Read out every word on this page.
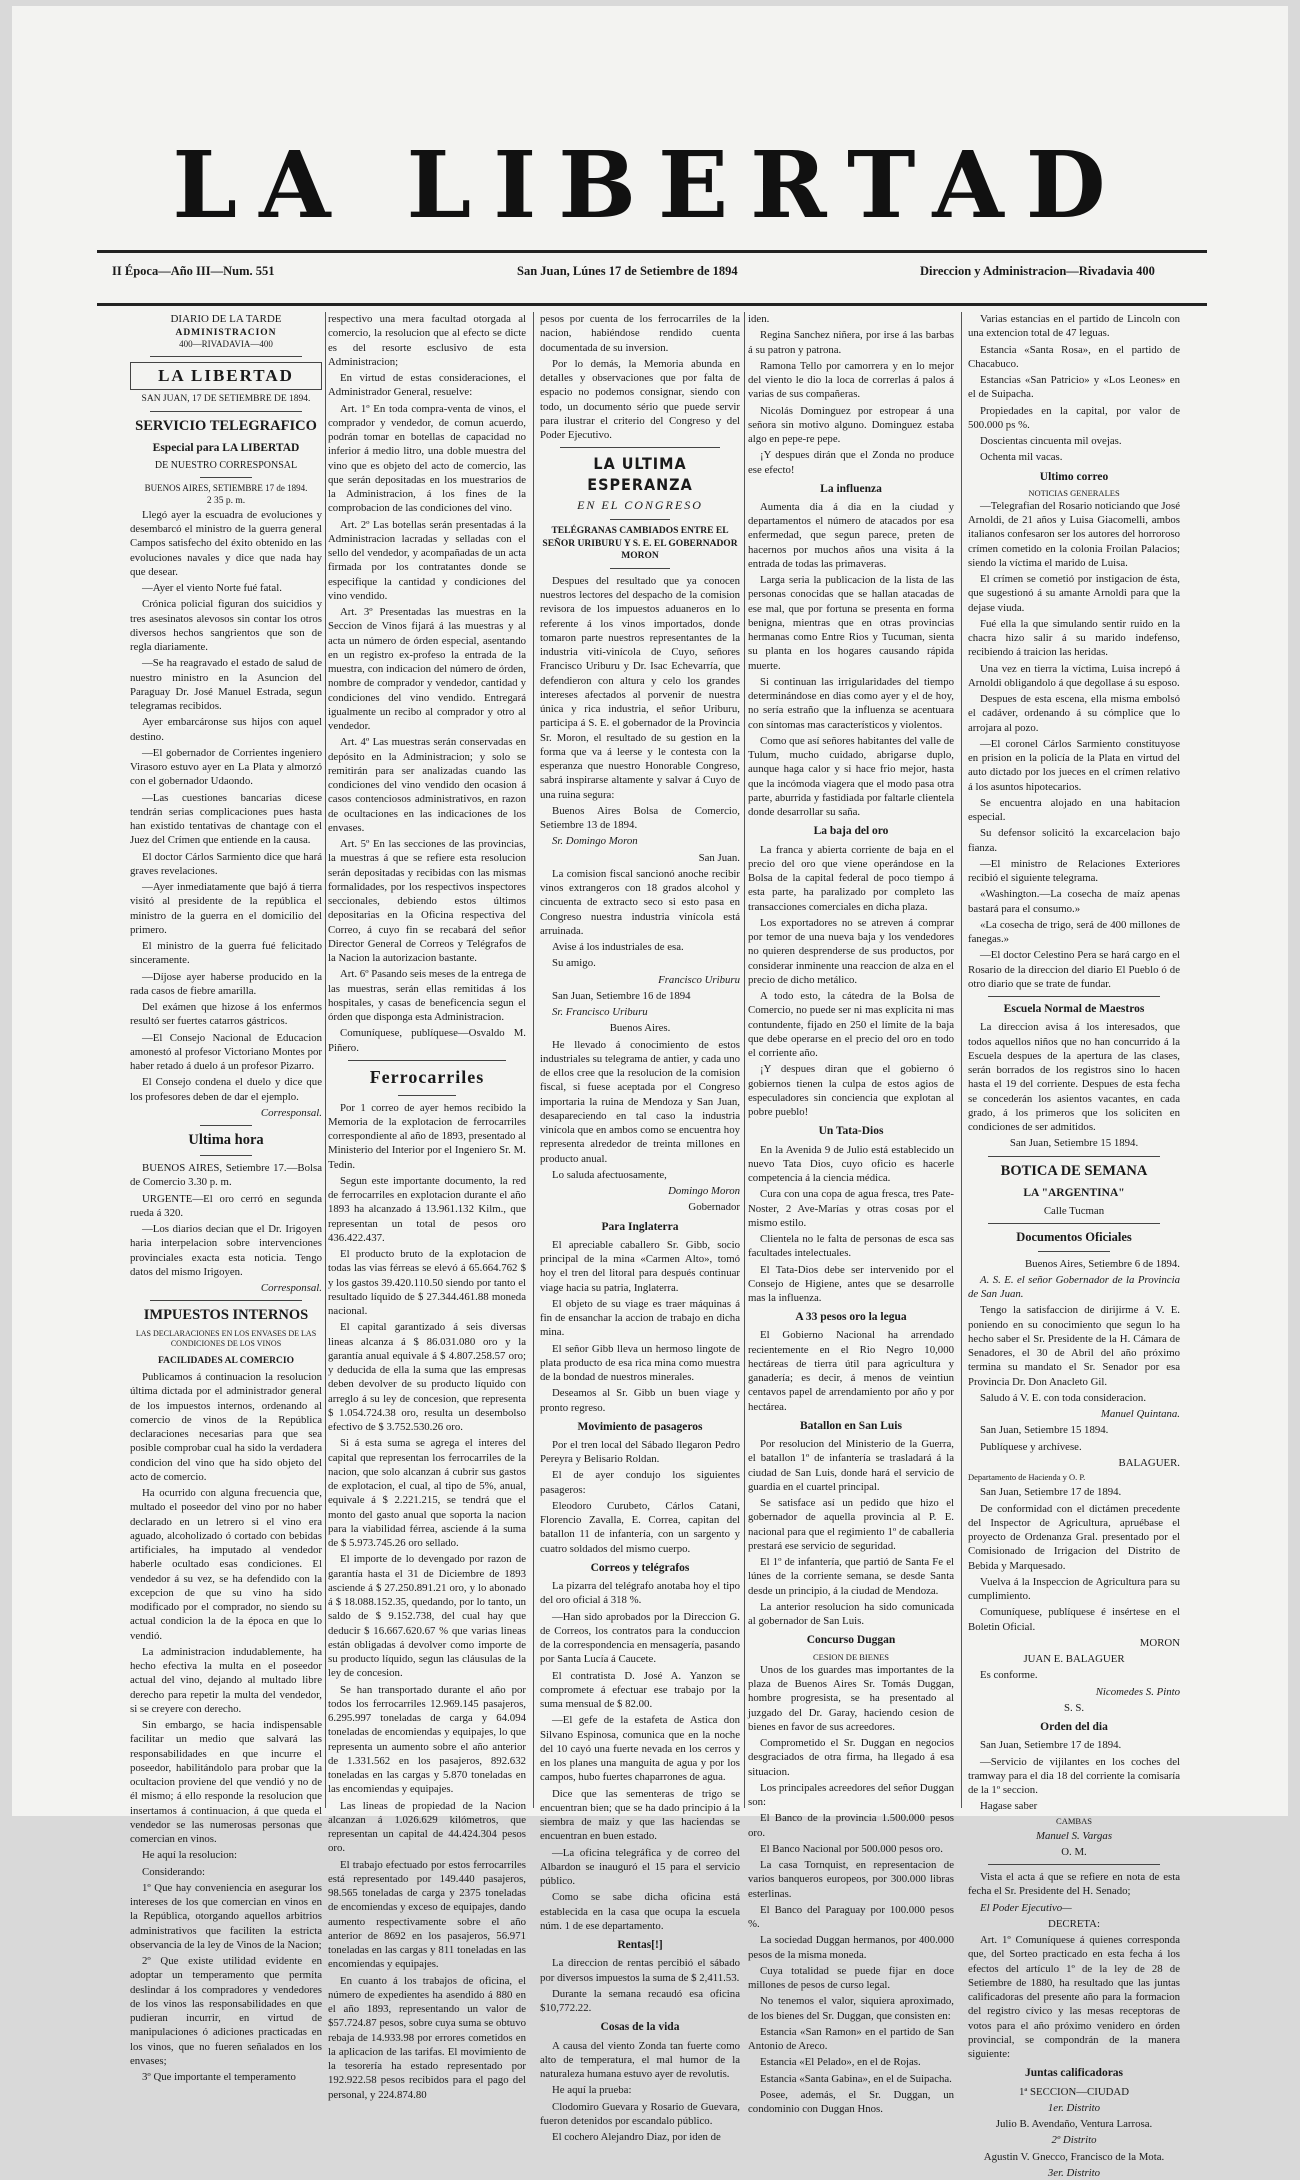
LA LIBERTAD
II Época—Año III—Num. 551	San Juan, Lúnes 17 de Setiembre de 1894	Direccion y Administracion—Rivadavia 400
DIARIO DE LA TARDE
ADMINISTRACION
400—RIVADAVIA—400
LA LIBERTAD
SAN JUAN, 17 DE SETIEMBRE DE 1894.
SERVICIO TELEGRAFICO
Especial para LA LIBERTAD
DE NUESTRO CORRESPONSAL
BUENOS AIRES, SETIEMBRE 17 de 1894.
2 35 p. m.

Llegó ayer la escuadra de evoluciones y desembarcó el ministro de la guerra general Campos satisfecho del éxito obtenido en las evoluciones navales y dice que nada hay que desear.

—Ayer el viento Norte fué fatal.

Crónica policial figuran dos suicidios y tres asesinatos alevosos sin contar los otros diversos hechos sangrientos que son de regla diariamente.

—Se ha reagravado el estado de salud de nuestro ministro en la Asuncion del Paraguay Dr. José Manuel Estrada, segun telegramas recibidos.

Ayer embarcáronse sus hijos con aquel destino.

—El gobernador de Corrientes ingeniero Virasoro estuvo ayer en La Plata y almorzó con el gobernador Udaondo.

—Las cuestiones bancarias dicese tendrán serias complicaciones pues hasta han existido tentativas de chantage con el Juez del Crímen que entiende en la causa.

El doctor Cárlos Sarmiento dice que hará graves revelaciones.

—Ayer inmediatamente que bajó á tierra visitó al presidente de la república el ministro de la guerra en el domicilio del primero.

El ministro de la guerra fué felicitado sinceramente.

—Díjose ayer haberse producido en la rada casos de fiebre amarilla.

Del exámen que hizose á los enfermos resultó ser fuertes catarros gástricos.

—El Consejo Nacional de Educacion amonestó al profesor Victoriano Montes por haber retado á duelo á un profesor Pizarro.

El Consejo condena el duelo y dice que los profesores deben de dar el ejemplo.

Corresponsal.

Ultima hora

BUENOS AIRES, Setiembre 17.—Bolsa de Comercio 3.30 p. m.

URGENTE—El oro cerró en segunda rueda á 320.

—Los diarios decian que el Dr. Irigoyen haria interpelacion sobre intervenciones provinciales exacta esta noticia. Tengo datos del mismo Irigoyen.

Corresponsal.

IMPUESTOS INTERNOS
LAS DECLARACIONES EN LOS ENVASES DE LAS CONDICIONES DE LOS VINOS
FACILIDADES AL COMERCIO

Publicamos á continuacion la resolucion última dictada por el administrador general de los impuestos internos, ordenando al comercio de vinos de la República declaraciones necesarias para que sea posible comprobar cual ha sido la verdadera condicion del vino que ha sido objeto del acto de comercio.

Ha ocurrido con alguna frecuencia que, multado el poseedor del vino por no haber declarado en un letrero si el vino era aguado, alcoholizado ó cortado con bebidas artificiales, ha imputado al vendedor haberle ocultado esas condiciones. El vendedor á su vez, se ha defendido con la excepcion de que su vino ha sido modificado por el comprador, no siendo su actual condicion la de la época en que lo vendió.

La administracion indudablemente, ha hecho efectiva la multa en el poseedor actual del vino, dejando al multado libre derecho para repetir la multa del vendedor, si se creyere con derecho.

Sin embargo, se hacia indispensable facilitar un medio que salvará las responsabilidades en que incurre el poseedor, habilitándolo para probar que la ocultacion proviene del que vendió y no de él mismo; á ello responde la resolucion que insertamos á continuacion, á que queda el vendedor se las numerosas personas que comercian en vinos.

He aquí la resolucion:

Considerando:

1º Que hay conveniencia en asegurar los intereses de los que comercian en vinos en la República, otorgando aquellos arbitrios administrativos que faciliten la estricta observancia de la ley de Vinos de la Nacion;

2º Que existe utilidad evidente en adoptar un temperamento que permita deslindar á los compradores y vendedores de los vinos las responsabilidades en que pudieran incurrir, en virtud de manipulaciones ó adiciones practicadas en los vinos, que no fueren señalados en los envases;

3º Que importante el temperamento

respectivo una mera facultad otorgada al comercio, la resolucion que al efecto se dicte es del resorte esclusivo de esta Administracion;

En virtud de estas consideraciones, el Administrador General, resuelve:

Art. 1º En toda compra-venta de vinos, el comprador y vendedor, de comun acuerdo, podrán tomar en botellas de capacidad no inferior á medio litro, una doble muestra del vino que es objeto del acto de comercio, las que serán depositadas en los muestrarios de la Administracion, á los fines de la comprobacion de las condiciones del vino.

Art. 2º Las botellas serán presentadas á la Administracion lacradas y selladas con el sello del vendedor, y acompañadas de un acta firmada por los contratantes donde se especifique la cantidad y condiciones del vino vendido.

Art. 3º Presentadas las muestras en la Seccion de Vinos fijará á las muestras y al acta un número de órden especial, asentando en un registro ex-profeso la entrada de la muestra, con indicacion del número de órden, nombre de comprador y vendedor, cantidad y condiciones del vino vendido. Entregará igualmente un recibo al comprador y otro al vendedor.

Art. 4º Las muestras serán conservadas en depósito en la Administracion; y solo se remitirán para ser analizadas cuando las condiciones del vino vendido den ocasion á casos contenciosos administrativos, en razon de ocultaciones en las indicaciones de los envases.

Art. 5º En las secciones de las provincias, la muestras á que se refiere esta resolucion serán depositadas y recibidas con las mismas formalidades, por los respectivos inspectores seccionales, debiendo estos últimos depositarias en la Oficina respectiva del Correo, á cuyo fin se recabará del señor Director General de Correos y Telégrafos de la Nacion la autorizacion bastante.

Art. 6º Pasando seis meses de la entrega de las muestras, serán ellas remitidas á los hospitales, y casas de beneficencia segun el órden que disponga esta Administracion.

Comuníquese, publíquese—Osvaldo M. Piñero.

Ferrocarriles

Por 1 correo de ayer hemos recibido la Memoria de la explotacion de ferrocarriles correspondiente al año de 1893, presentado al Ministerio del Interior por el Ingeniero Sr. M. Tedin.

Segun este importante documento, la red de ferrocarriles en explotacion durante el año 1893 ha alcanzado á 13.961.132 Kilm., que representan un total de pesos oro 436.422.437.

El producto bruto de la explotacion de todas las vias férreas se elevó á 65.664.762 $ y los gastos 39.420.110.50 siendo por tanto el resultado líquido de $ 27.344.461.88 moneda nacional.

El capital garantizado á seis diversas lineas alcanza á $ 86.031.080 oro y la garantía anual equivale á $ 4.807.258.57 oro; y deducida de ella la suma que las empresas deben devolver de su producto líquido con arreglo á su ley de concesion, que representa $ 1.054.724.38 oro, resulta un desembolso efectivo de $ 3.752.530.26 oro.

Si á esta suma se agrega el interes del capital que representan los ferrocarriles de la nacion, que solo alcanzan á cubrir sus gastos de explotacion, el cual, al tipo de 5%, anual, equivale á $ 2.221.215, se tendrá que el monto del gasto anual que soporta la nacion para la viabilidad férrea, asciende á la suma de $ 5.973.745.26 oro sellado.

El importe de lo devengado por razon de garantía hasta el 31 de Diciembre de 1893 asciende á $ 27.250.891.21 oro, y lo abonado á $ 18.088.152.35, quedando, por lo tanto, un saldo de $ 9.152.738, del cual hay que deducir $ 16.667.620.67 % que varias lineas están obligadas á devolver como importe de su producto líquido, segun las cláusulas de la ley de concesion.

Se han transportado durante el año por todos los ferrocarriles 12.969.145 pasajeros, 6.295.997 toneladas de carga y 64.094 toneladas de encomiendas y equipajes, lo que representa un aumento sobre el año anterior de 1.331.562 en los pasajeros, 892.632 toneladas en las cargas y 5.870 toneladas en las encomiendas y equipajes.

Las lineas de propiedad de la Nacion alcanzan á 1.026.629 kilómetros, que representan un capital de 44.424.304 pesos oro.

El trabajo efectuado por estos ferrocarriles está representado por 149.440 pasajeros, 98.565 toneladas de carga y 2375 toneladas de encomiendas y exceso de equipajes, dando aumento respectivamente sobre el año anterior de 8692 en los pasajeros, 56.971 toneladas en las cargas y 811 toneladas en las encomiendas y equipajes.

En cuanto á los trabajos de oficina, el número de expedientes ha asendido á 880 en el año 1893, representando un valor de $57.724.87 pesos, sobre cuya suma se obtuvo rebaja de 14.933.98 por errores cometidos en la aplicacion de las tarifas. El movimiento de la tesorería ha estado representado por 192.922.58 pesos recibidos para el pago del personal, y 224.874.80

pesos por cuenta de los ferrocarriles de la nacion, habiéndose rendido cuenta documentada de su inversion.

Por lo demás, la Memoria abunda en detalles y observaciones que por falta de espacio no podemos consignar, siendo con todo, un documento sério que puede servir para ilustrar el criterio del Congreso y del Poder Ejecutivo.

LA ULTIMA ESPERANZA
EN EL CONGRESO
TELÉGRANAS CAMBIADOS ENTRE EL SEÑOR URIBURU Y S. E. EL GOBERNADOR MORON

Despues del resultado que ya conocen nuestros lectores del despacho de la comision revisora de los impuestos aduaneros en lo referente á los vinos importados, donde tomaron parte nuestros representantes de la industria viti-vinícola de Cuyo, señores Francisco Uriburu y Dr. Isac Echevarría, que defendieron con altura y celo los grandes intereses afectados al porvenir de nuestra única y rica industria, el señor Uriburu, participa á S. E. el gobernador de la Provincia Sr. Moron, el resultado de su gestion en la forma que va á leerse y le contesta con la esperanza que nuestro Honorable Congreso, sabrá inspirarse altamente y salvar á Cuyo de una ruina segura:

Buenos Aires Bolsa de Comercio, Setiembre 13 de 1894.

Sr. Domingo Moron

San Juan.

La comision fiscal sancionó anoche recibir vinos extrangeros con 18 grados alcohol y cincuenta de extracto seco si esto pasa en Congreso nuestra industria vinícola está arruinada.

Avise á los industriales de esa.

Su amigo.

Francisco Uriburu

San Juan, Setiembre 16 de 1894

Sr. Francisco Uriburu

Buenos Aires.

He llevado á conocimiento de estos industriales su telegrama de antier, y cada uno de ellos cree que la resolucion de la comision fiscal, si fuese aceptada por el Congreso importaria la ruina de Mendoza y San Juan, desapareciendo en tal caso la industria vinícola que en ambos como se encuentra hoy representa alrededor de treinta millones en producto anual.

Lo saluda afectuosamente,

Domingo Moron

Gobernador

Para Inglaterra

El apreciable caballero Sr. Gibb, socio principal de la mina «Carmen Alto», tomó hoy el tren del litoral para después continuar viage hacia su patria, Inglaterra.

El objeto de su viage es traer máquinas á fin de ensanchar la accion de trabajo en dicha mina.

El señor Gibb lleva un hermoso lingote de plata producto de esa rica mina como muestra de la bondad de nuestros minerales.

Deseamos al Sr. Gibb un buen viage y pronto regreso.

Movimiento de pasageros

Por el tren local del Sábado llegaron Pedro Pereyra y Belisario Roldan.

El de ayer condujo los siguientes pasageros:

Eleodoro Curubeto, Cárlos Catani, Florencio Zavalla, E. Correa, capitan del batallon 11 de infantería, con un sargento y cuatro soldados del mismo cuerpo.

Correos y telégrafos

La pizarra del telégrafo anotaba hoy el tipo del oro oficial á 318 %.

—Han sido aprobados por la Direccion G. de Correos, los contratos para la conduccion de la correspondencia en mensagería, pasando por Santa Lucía á Caucete.

El contratista D. José A. Yanzon se compromete á efectuar ese trabajo por la suma mensual de $ 82.00.

—El gefe de la estafeta de Astica don Silvano Espinosa, comunica que en la noche del 10 cayó una fuerte nevada en los cerros y en los planes una manguita de agua y por los campos, hubo fuertes chaparrones de agua.

Dice que las sementeras de trigo se encuentran bien; que se ha dado principio á la siembra de maiz y que las haciendas se encuentran en buen estado.

—La oficina telegráfica y de correo del Albardon se inauguró el 15 para el servicio público.

Como se sabe dicha oficina está establecida en la casa que ocupa la escuela núm. 1 de ese departamento.

Rentas[!]

La direccion de rentas percibió el sábado por diversos impuestos la suma de $ 2,411.53.

Durante la semana recaudó esa oficina $10,772.22.

Cosas de la vida

A causa del viento Zonda tan fuerte como alto de temperatura, el mal humor de la naturaleza humana estuvo ayer de revolutis.

He aquí la prueba:

Clodomiro Guevara y Rosario de Guevara, fueron detenidos por escandalo público.

El cochero Alejandro Diaz, por iden de

iden.

Regina Sanchez niñera, por irse á las barbas á su patron y patrona.

Ramona Tello por camorrera y en lo mejor del viento le dio la loca de correrlas á palos á varias de sus compañeras.

Nicolás Dominguez por estropear á una señora sin motivo alguno. Dominguez estaba algo en pepe-re pepe.

¡Y despues dirán que el Zonda no produce ese efecto!

La influenza

Aumenta dia á dia en la ciudad y departamentos el número de atacados por esa enfermedad, que segun parece, preten de hacernos por muchos años una visita á la entrada de todas las primaveras.

Larga seria la publicacion de la lista de las personas conocidas que se hallan atacadas de ese mal, que por fortuna se presenta en forma benigna, mientras que en otras provincias hermanas como Entre Rios y Tucuman, sienta su planta en los hogares causando rápida muerte.

Si continuan las irrigularidades del tiempo determinándose en dias como ayer y el de hoy, no sería estraño que la influenza se acentuara con síntomas mas característicos y violentos.

Como que así señores habitantes del valle de Tulum, mucho cuidado, abrigarse duplo, aunque haga calor y si hace frio mejor, hasta que la incómoda viagera que el modo pasa otra parte, aburrida y fastidiada por faltarle clientela donde desarrollar su saña.

La baja del oro

La franca y abierta corriente de baja en el precio del oro que viene operándose en la Bolsa de la capital federal de poco tiempo á esta parte, ha paralizado por completo las transacciones comerciales en dicha plaza.

Los exportadores no se atreven á comprar por temor de una nueva baja y los vendedores no quieren desprenderse de sus productos, por considerar inminente una reaccion de alza en el precio de dicho metálico.

A todo esto, la cátedra de la Bolsa de Comercio, no puede ser ni mas explícita ni mas contundente, fijado en 250 el límite de la baja que debe operarse en el precio del oro en todo el corriente año.

¡Y despues diran que el gobierno ó gobiernos tienen la culpa de estos agios de especuladores sin conciencia que explotan al pobre pueblo!

Un Tata-Dios

En la Avenida 9 de Julio está establecido un nuevo Tata Dios, cuyo oficio es hacerle competencia á la ciencia médica.

Cura con una copa de agua fresca, tres Pate-Noster, 2 Ave-Marías y otras cosas por el mismo estilo.

Clientela no le falta de personas de esca sas facultades intelectuales.

El Tata-Dios debe ser intervenido por el Consejo de Higiene, antes que se desarrolle mas la influenza.

A 33 pesos oro la legua

El Gobierno Nacional ha arrendado recientemente en el Rio Negro 10,000 hectáreas de tierra útil para agricultura y ganadería; es decir, á menos de veintiun centavos papel de arrendamiento por año y por hectárea.

Batallon en San Luis

Por resolucion del Ministerio de la Guerra, el batallon 1º de infantería se trasladará á la ciudad de San Luis, donde hará el servicio de guardia en el cuartel principal.

Se satisface así un pedido que hizo el gobernador de aquella provincia al P. E. nacional para que el regimiento 1º de caballeria prestará ese servicio de seguridad.

El 1º de infantería, que partió de Santa Fe el lúnes de la corriente semana, se desde Santa desde un principio, á la ciudad de Mendoza.

La anterior resolucion ha sido comunicada al gobernador de San Luis.

Concurso Duggan
CESION DE BIENES

Unos de los guardes mas importantes de la plaza de Buenos Aires Sr. Tomás Duggan, hombre progresista, se ha presentado al juzgado del Dr. Garay, haciendo cesion de bienes en favor de sus acreedores.

Comprometido el Sr. Duggan en negocios desgraciados de otra firma, ha llegado á esa situacion.

Los principales acreedores del señor Duggan son:

El Banco de la provincia 1.500.000 pesos oro.

El Banco Nacional por 500.000 pesos oro.

La casa Tornquist, en representacion de varios banqueros europeos, por 300.000 libras esterlinas.

El Banco del Paraguay por 100.000 pesos %.

La sociedad Duggan hermanos, por 400.000 pesos de la misma moneda.

Cuya totalidad se puede fijar en doce millones de pesos de curso legal.

No tenemos el valor, siquiera aproximado, de los bienes del Sr. Duggan, que consisten en:

Estancia «San Ramon» en el partido de San Antonio de Areco.

Estancia «El Pelado», en el de Rojas.

Estancia «Santa Gabina», en el de Suipacha.

Posee, además, el Sr. Duggan, un condominio con Duggan Hnos.

Varias estancias en el partido de Lincoln con una extencion total de 47 leguas.

Estancia «Santa Rosa», en el partido de Chacabuco.

Estancias «San Patricio» y «Los Leones» en el de Suipacha.

Propiedades en la capital, por valor de 500.000 ps %.

Doscientas cincuenta mil ovejas.

Ochenta mil vacas.

Ultimo correo
NOTICIAS GENERALES

—Telegrafian del Rosario noticiando que José Arnoldi, de 21 años y Luisa Giacomelli, ambos italianos confesaron ser los autores del horroroso crímen cometido en la colonia Froilan Palacios; siendo la víctima el marido de Luisa.

El crímen se cometió por instigacion de ésta, que sugestionó á su amante Arnoldi para que la dejase viuda.

Fué ella la que simulando sentir ruido en la chacra hizo salir á su marido indefenso, recibiendo á traicion las heridas.

Una vez en tierra la víctima, Luisa increpó á Arnoldi obligandolo á que degollase á su esposo.

Despues de esta escena, ella misma embolsó el cadáver, ordenando á su cómplice que lo arrojara al pozo.

—El coronel Cárlos Sarmiento constituyose en prision en la policía de la Plata en virtud del auto dictado por los jueces en el crímen relativo á los asuntos hipotecarios.

Se encuentra alojado en una habitacion especial.

Su defensor solicitó la excarcelacion bajo fianza.

—El ministro de Relaciones Exteriores recibió el siguiente telegrama.

«Washington.—La cosecha de maíz apenas bastará para el consumo.»

«La cosecha de trigo, será de 400 millones de fanegas.»

—El doctor Celestino Pera se hará cargo en el Rosario de la direccion del diario El Pueblo ó de otro diario que se trate de fundar.

Escuela Normal de Maestros

La direccion avisa á los interesados, que todos aquellos niños que no han concurrido á la Escuela despues de la apertura de las clases, serán borrados de los registros sino lo hacen hasta el 19 del corriente. Despues de esta fecha se concederán los asientos vacantes, en cada grado, á los primeros que los soliciten en condiciones de ser admitidos.

San Juan, Setiembre 15 1894.

BOTICA DE SEMANA
LA "ARGENTINA"
Calle Tucman
Documentos Oficiales

Buenos Aires, Setiembre 6 de 1894.

A. S. E. el señor Gobernador de la Provincia de San Juan.

Tengo la satisfaccion de dirijirme á V. E. poniendo en su conocimiento que segun lo ha hecho saber el Sr. Presidente de la H. Cámara de Senadores, el 30 de Abril del año próximo termina su mandato el Sr. Senador por esa Provincia Dr. Don Anacleto Gil.

Saludo á V. E. con toda consideracion.

Manuel Quintana.

San Juan, Setiembre 15 1894.

Publíquese y archívese.

BALAGUER.

Departamento de Hacienda y O. P.

San Juan, Setiembre 17 de 1894.

De conformidad con el dictámen precedente del Inspector de Agricultura, apruébase el proyecto de Ordenanza Gral. presentado por el Comisionado de Irrigacion del Distrito de Bebida y Marquesado.

Vuelva á la Inspeccion de Agricultura para su cumplimiento.

Comuníquese, publíquese é insértese en el Boletin Oficial.

MORON

JUAN E. BALAGUER

Es conforme.

Nicomedes S. Pinto

S. S.

Orden del dia

San Juan, Setiembre 17 de 1894.

—Servicio de vijilantes en los coches del tramway para el dia 18 del corriente la comisaría de la 1º seccion.

Hagase saber

CAMBAS

Manuel S. Vargas

O. M.

Vista el acta á que se refiere en nota de esta fecha el Sr. Presidente del H. Senado;

El Poder Ejecutivo—

DECRETA:

Art. 1º Comuníquese á quienes corresponda que, del Sorteo practicado en esta fecha á los efectos del artículo 1º de la ley de 28 de Setiembre de 1880, ha resultado que las juntas calificadoras del presente año para la formacion del registro cívico y las mesas receptoras de votos para el año próximo venidero en órden provincial, se compondrán de la manera siguiente:

Juntas calificadoras

1ª SECCION—CIUDAD

1er. Distrito

Julio B. Avendaño, Ventura Larrosa.

2º Distrito

Agustin V. Gnecco, Francisco de la Mota.

3er. Distrito
